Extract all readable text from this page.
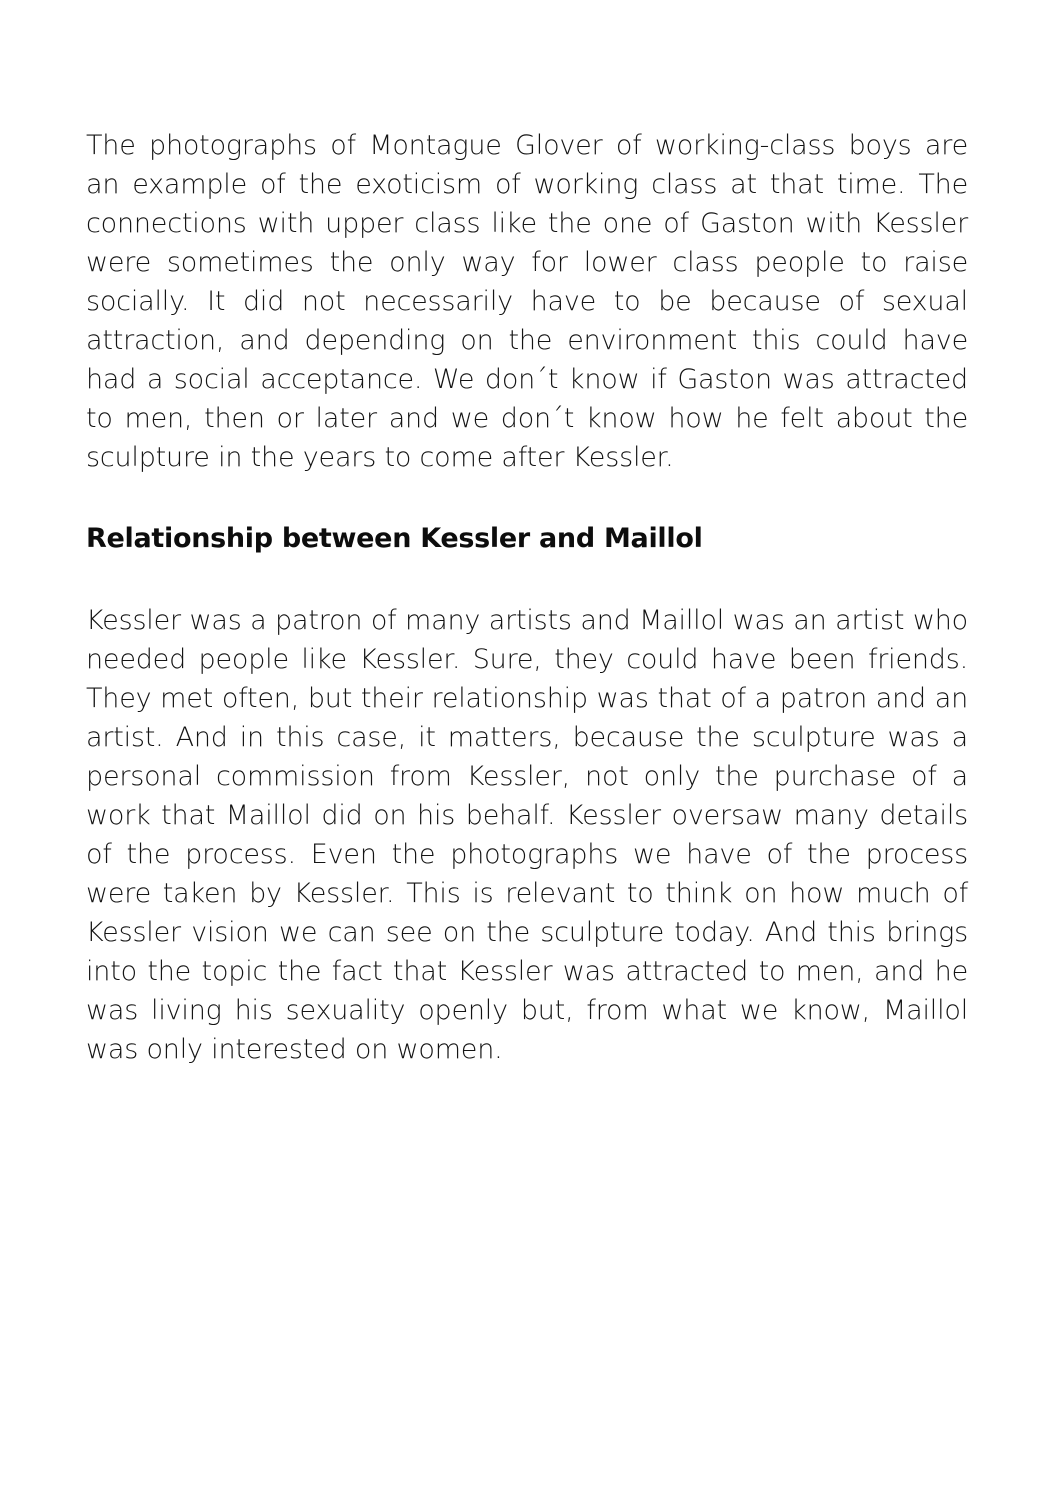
The photographs of Montague Glover of working-class boys are an example of the exoticism of working class at that time. The connections with upper class like the one of Gaston with Kessler were sometimes the only way for lower class people to raise socially. It did not necessarily have to be because of sexual attraction, and depending on the environment this could have had a social acceptance. We don´t know if Gaston was attracted to men, then or later and we don´t know how he felt about the sculpture in the years to come after Kessler.

Relationship between Kessler and Maillol

Kessler was a patron of many artists and Maillol was an artist who needed people like Kessler. Sure, they could have been friends. They met often, but their relationship was that of a patron and an artist. And in this case, it matters, because the sculpture was a personal commission from Kessler, not only the purchase of a work that Maillol did on his behalf. Kessler oversaw many details of the process. Even the photographs we have of the process were taken by Kessler. This is relevant to think on how much of Kessler vision we can see on the sculpture today. And this brings into the topic the fact that Kessler was attracted to men, and he was living his sexuality openly but, from what we know, Maillol was only interested on women.
